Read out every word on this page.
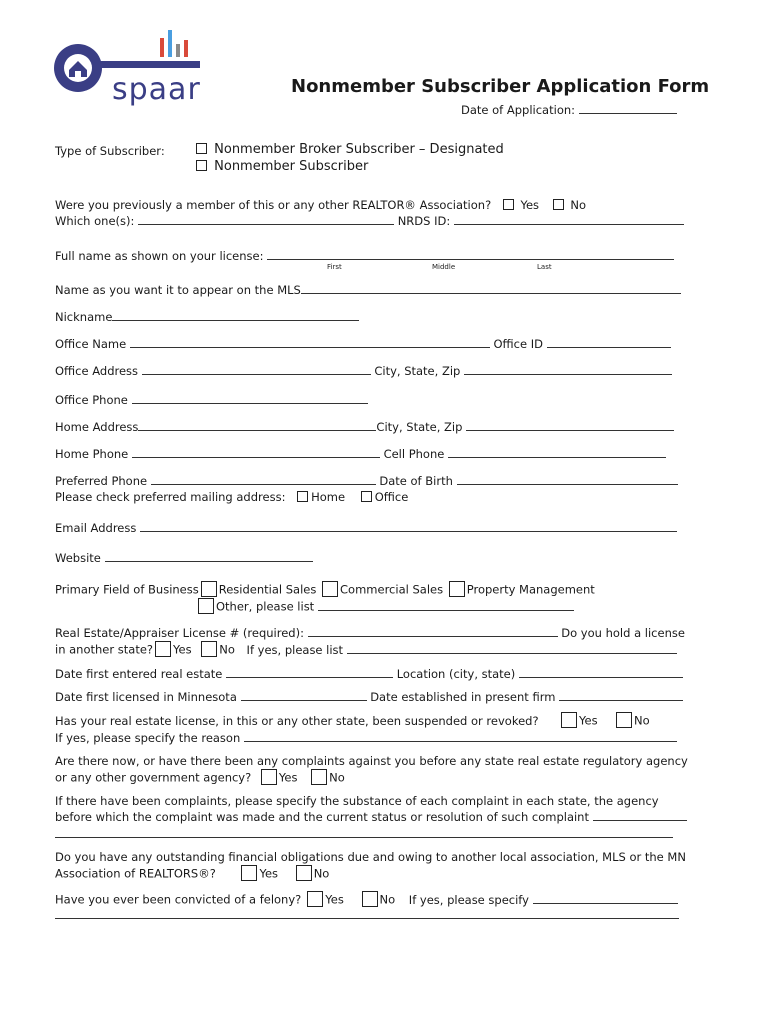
spaar	Nonmember Subscriber Application Form
Date of Application:
Type of Subscriber:	Nonmember Broker Subscriber – Designated
Nonmember Subscriber
Were you previously a member of this or any other REALTOR® Association?	Yes	No
Which one(s):	NRDS ID:
Full name as shown on your license:
First	Middle	Last
Name as you want it to appear on the MLS
Nickname
Office Name	Office ID
Office Address	City, State, Zip
Office Phone
Home Address	City, State, Zip
Home Phone	Cell Phone
Preferred Phone	Date of Birth
Please check preferred mailing address: Home	Office
Email Address
Website
Primary Field of Business Residential Sales Commercial Sales Property Management
Other, please list
Real Estate/Appraiser License # (required):	Do you hold a license
in another state? Yes No If yes, please list
Date first entered real estate	Location (city, state)
Date first licensed in Minnesota	Date established in present firm
Has your real estate license, in this or any other state, been suspended or revoked?	Yes	No
If yes, please specify the reason
Are there now, or have there been any complaints against you before any state real estate regulatory agency
or any other government agency? Yes	No
If there have been complaints, please specify the substance of each complaint in each state, the agency
before which the complaint was made and the current status or resolution of such complaint
Do you have any outstanding financial obligations due and owing to another local association, MLS or the MN
Association of REALTORS®?	Yes	No
Have you ever been convicted of a felony? Yes	No If yes, please specify
